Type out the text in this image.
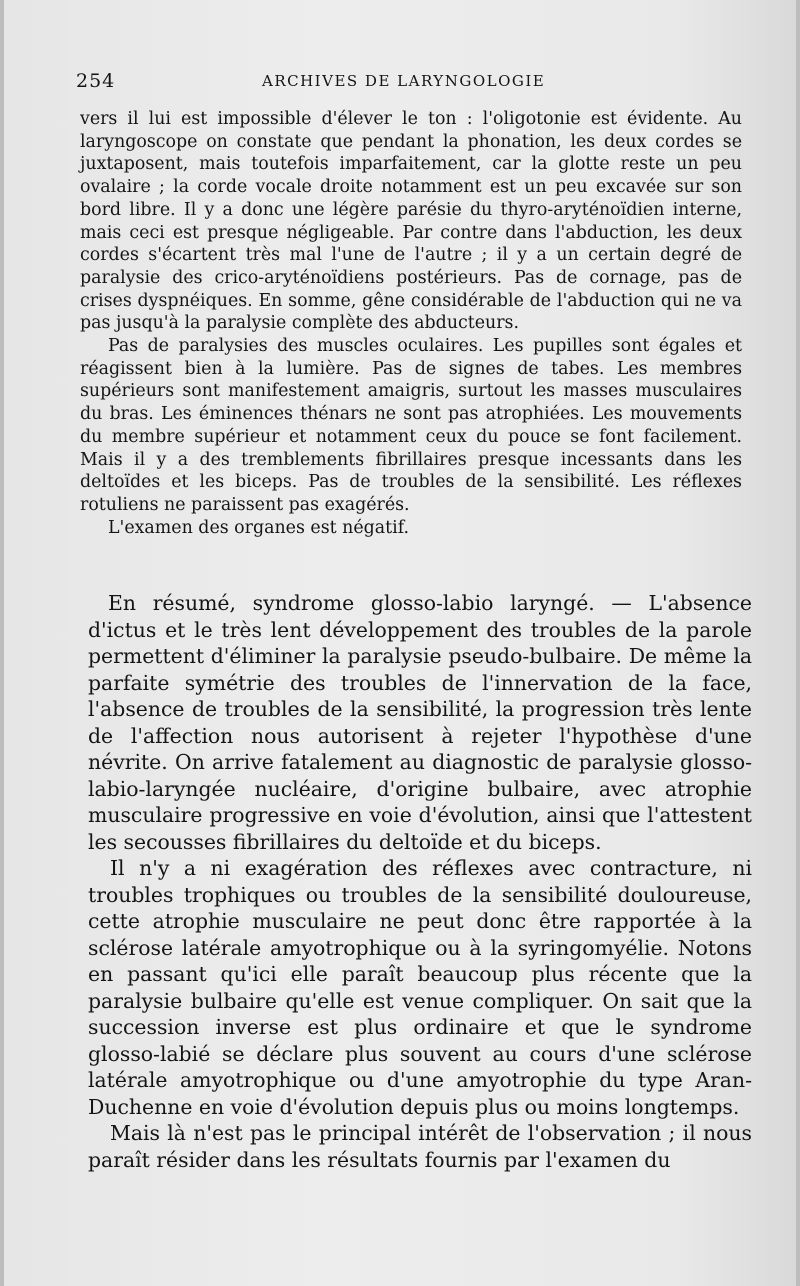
254	ARCHIVES DE LARYNGOLOGIE

vers il lui est impossible d'élever le ton : l'oligotonie est évidente. Au laryngoscope on constate que pendant la phonation, les deux cordes se juxtaposent, mais toutefois imparfaitement, car la glotte reste un peu ovalaire ; la corde vocale droite notamment est un peu excavée sur son bord libre. Il y a donc une légère parésie du thyro-aryténoïdien interne, mais ceci est presque négligeable. Par contre dans l'abduction, les deux cordes s'écartent très mal l'une de l'autre ; il y a un certain degré de paralysie des crico-aryténoïdiens postérieurs. Pas de cornage, pas de crises dyspnéiques. En somme, gêne considérable de l'abduction qui ne va pas jusqu'à la paralysie complète des abducteurs.

Pas de paralysies des muscles oculaires. Les pupilles sont égales et réagissent bien à la lumière. Pas de signes de tabes. Les membres supérieurs sont manifestement amaigris, surtout les masses musculaires du bras. Les éminences thénars ne sont pas atrophiées. Les mouvements du membre supérieur et notamment ceux du pouce se font facilement. Mais il y a des tremblements fibrillaires presque incessants dans les deltoïdes et les biceps. Pas de troubles de la sensibilité. Les réflexes rotuliens ne paraissent pas exagérés.

L'examen des organes est négatif.

En résumé, syndrome glosso-labio laryngé. — L'absence d'ictus et le très lent développement des troubles de la parole permettent d'éliminer la paralysie pseudo-bulbaire. De même la parfaite symétrie des troubles de l'innervation de la face, l'absence de troubles de la sensibilité, la progression très lente de l'affection nous autorisent à rejeter l'hypothèse d'une névrite. On arrive fatalement au diagnostic de paralysie glosso-labio-laryngée nucléaire, d'origine bulbaire, avec atrophie musculaire progressive en voie d'évolution, ainsi que l'attestent les secousses fibrillaires du deltoïde et du biceps.

Il n'y a ni exagération des réflexes avec contracture, ni troubles trophiques ou troubles de la sensibilité douloureuse, cette atrophie musculaire ne peut donc être rapportée à la sclérose latérale amyotrophique ou à la syringomyélie. Notons en passant qu'ici elle paraît beaucoup plus récente que la paralysie bulbaire qu'elle est venue compliquer. On sait que la succession inverse est plus ordinaire et que le syndrome glosso-labié se déclare plus souvent au cours d'une sclérose latérale amyotrophique ou d'une amyotrophie du type Aran-Duchenne en voie d'évolution depuis plus ou moins longtemps.

Mais là n'est pas le principal intérêt de l'observation ; il nous paraît résider dans les résultats fournis par l'examen du
